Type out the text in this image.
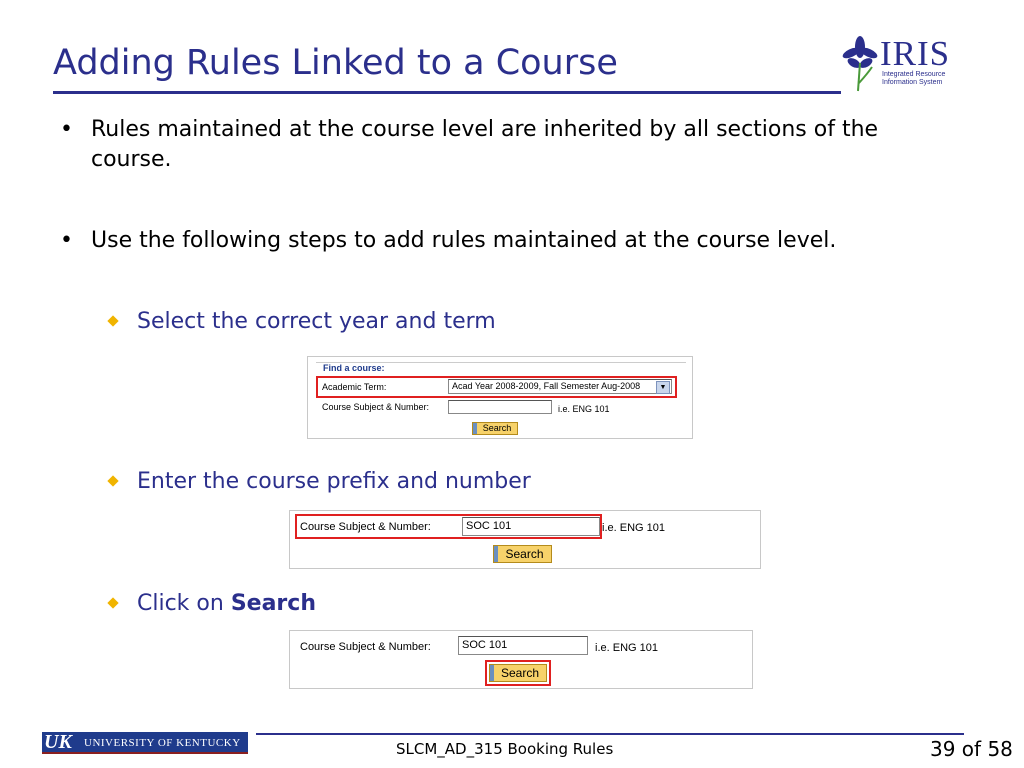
Adding Rules Linked to a Course	IRIS
Integrated Resource
Information System
• Rules maintained at the course level are inherited by all sections of the course.
• Use the following steps to add rules maintained at the course level.
Select the correct year and term
Find a course:
Academic Term:	Acad Year 2008-2009, Fall Semester Aug-2008	▼
Course Subject & Number:	i.e. ENG 101
Search
Enter the course prefix and number
Course Subject & Number:	SOC 101	i.e. ENG 101
Search
Click on Search
Course Subject & Number:	SOC 101	i.e. ENG 101
Search
UK UNIVERSITY OF KENTUCKY	SLCM_AD_315 Booking Rules	39 of 58
